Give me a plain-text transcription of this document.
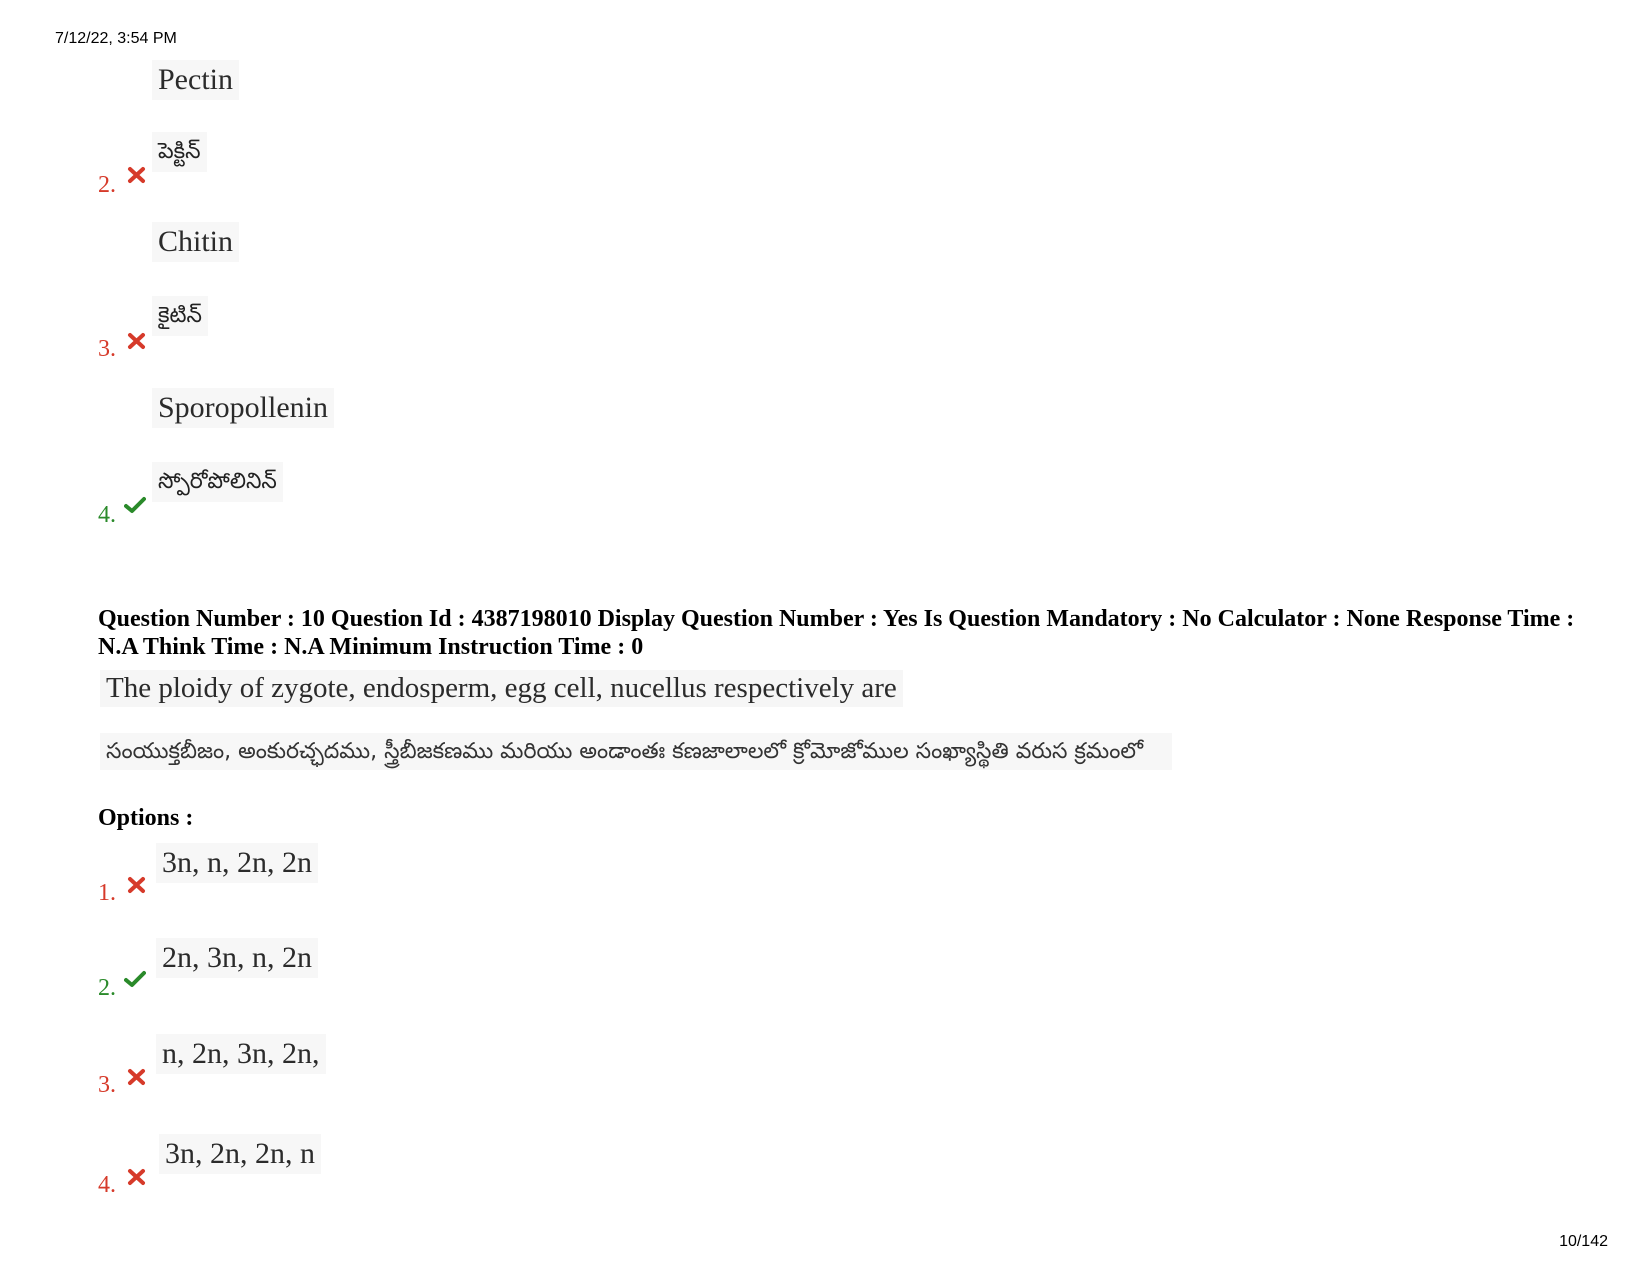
7/12/22, 3:54 PM
Pectin
పెక్టిన్
2.
Chitin
కైటిన్
3.
Sporopollenin
స్పోరోపోలినిన్
4.
Question Number : 10 Question Id : 4387198010 Display Question Number : Yes Is Question Mandatory : No Calculator : None Response Time : N.A Think Time : N.A Minimum Instruction Time : 0
The ploidy of zygote, endosperm, egg cell, nucellus respectively are
సంయుక్తబీజం, అంకురచ్ఛదము, స్త్రీబీజకణము మరియు అండాంతః కణజాలాలలో క్రోమోజోముల సంఖ్యాస్థితి వరుస క్రమంలో
Options :
3n, n, 2n, 2n
1.
2n, 3n, n, 2n
2.
n, 2n, 3n, 2n,
3.
3n, 2n, 2n, n
4.
10/142
